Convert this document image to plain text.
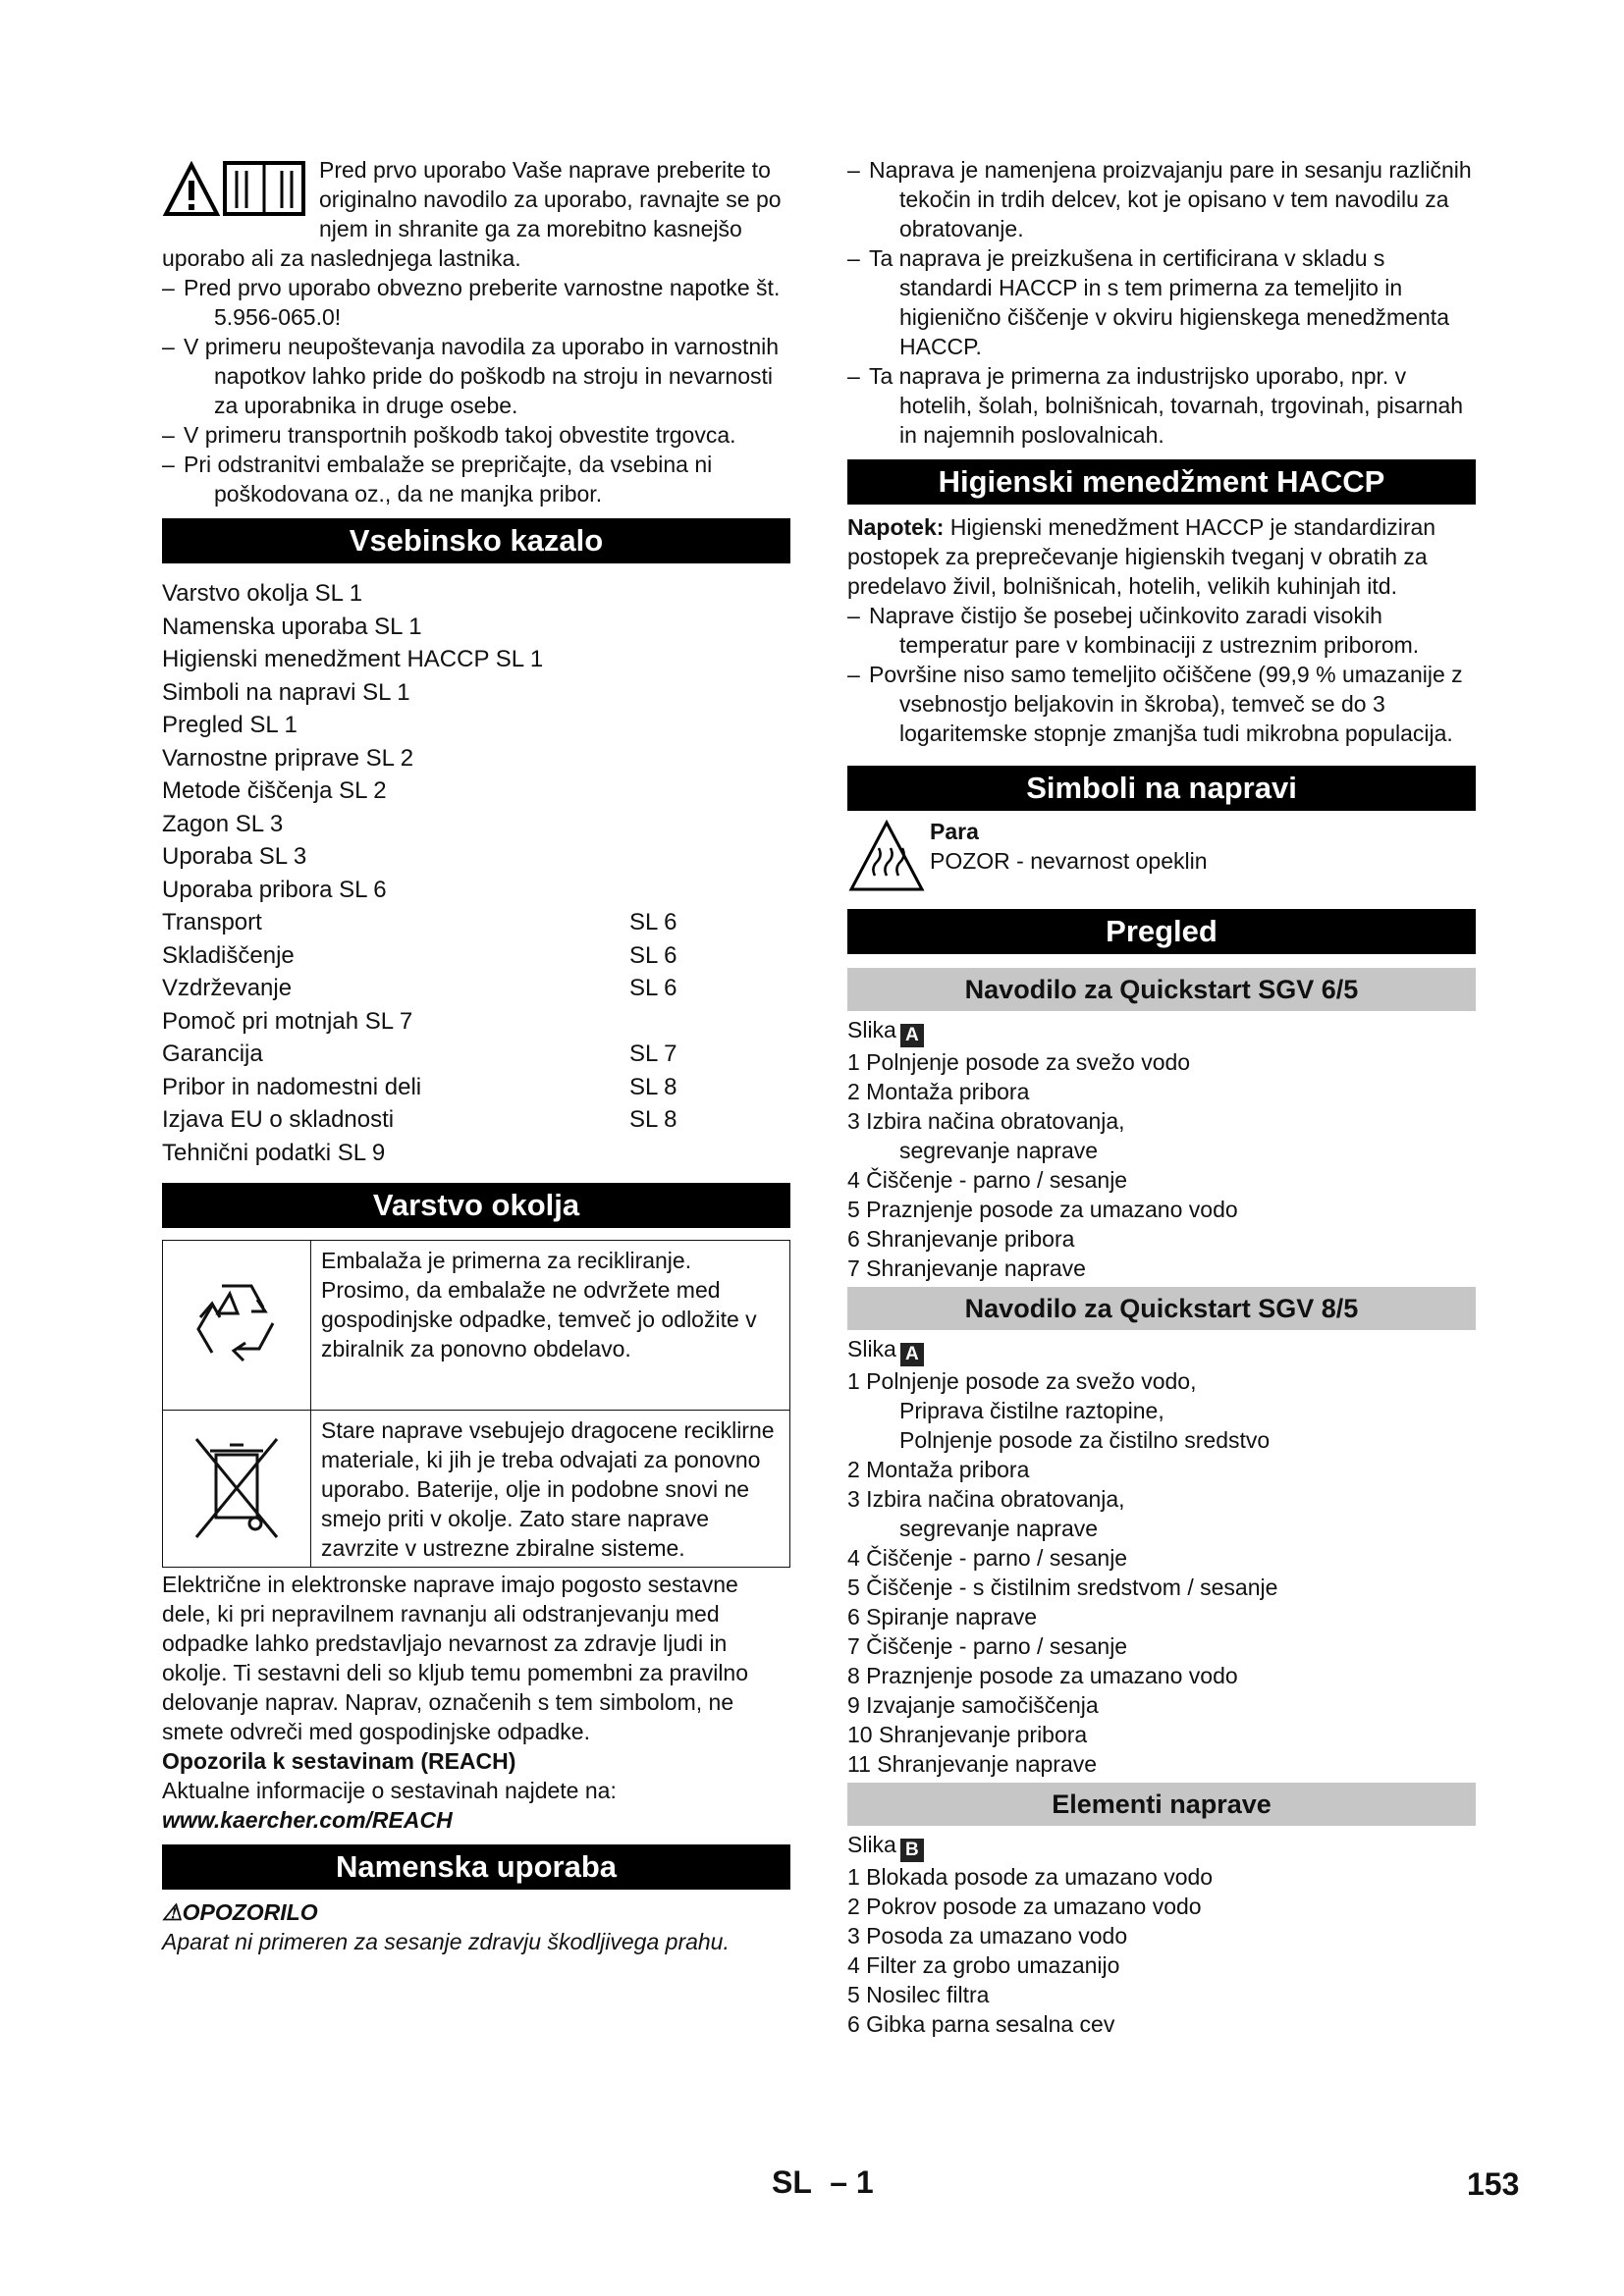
Pred prvo uporabo Vaše naprave preberite to originalno navodilo za uporabo, ravnajte se po njem in shranite ga za morebitno kasnejšo uporabo ali za naslednjega lastnika.

– Pred prvo uporabo obvezno preberite varnostne napotke št. 5.956-065.0!

– V primeru neupoštevanja navodila za uporabo in varnostnih napotkov lahko pride do poškodb na stroju in nevarnosti za uporabnika in druge osebe.

– V primeru transportnih poškodb takoj obvestite trgovca.

– Pri odstranitvi embalaže se prepričajte, da vsebina ni poškodovana oz., da ne manjka pribor.

Vsebinsko kazalo
Varstvo okolja SL 1
Namenska uporaba SL 1
Higienski menedžment HACCP SL 1
Simboli na napravi SL 1
Pregled SL 1
Varnostne priprave SL 2
Metode čiščenja SL 2
Zagon SL 3
Uporaba SL 3
Uporaba pribora SL 6
Transport	SL 6
Skladiščenje	SL 6
Vzdrževanje	SL 6
Pomoč pri motnjah SL 7
Garancija	SL 7
Pribor in nadomestni deli	SL 8
Izjava EU o skladnosti	SL 8
Tehnični podatki SL 9
Varstvo okolja

Embalaža je primerna za recikliranje. Prosimo, da embalaže ne odvržete med gospodinjske odpadke, temveč jo odložite v zbiralnik za ponovno obdelavo.

Stare naprave vsebujejo dragocene reciklirne materiale, ki jih je treba odvajati za ponovno uporabo. Baterije, olje in podobne snovi ne smejo priti v okolje. Zato stare naprave zavrzite v ustrezne zbiralne sisteme.

Električne in elektronske naprave imajo pogosto sestavne dele, ki pri nepravilnem ravnanju ali odstranjevanju med odpadke lahko predstavljajo nevarnost za zdravje ljudi in okolje. Ti sestavni deli so kljub temu pomembni za pravilno delovanje naprav. Naprav, označenih s tem simbolom, ne smete odvreči med gospodinjske odpadke.

Opozorila k sestavinam (REACH)

Aktualne informacije o sestavinah najdete na:

www.kaercher.com/REACH

Namenska uporaba

⚠OPOZORILO

Aparat ni primeren za sesanje zdravju škodljivega prahu.

– Naprava je namenjena proizvajanju pare in sesanju različnih tekočin in trdih delcev, kot je opisano v tem navodilu za obratovanje.

– Ta naprava je preizkušena in certificirana v skladu s standardi HACCP in s tem primerna za temeljito in higienično čiščenje v okviru higienskega menedžmenta HACCP.

– Ta naprava je primerna za industrijsko uporabo, npr. v hotelih, šolah, bolnišnicah, tovarnah, trgovinah, pisarnah in najemnih poslovalnicah.

Higienski menedžment HACCP

Napotek: Higienski menedžment HACCP je standardiziran postopek za preprečevanje higienskih tveganj v obratih za predelavo živil, bolnišnicah, hotelih, velikih kuhinjah itd.

– Naprave čistijo še posebej učinkovito zaradi visokih temperatur pare v kombinaciji z ustreznim priborom.

– Površine niso samo temeljito očiščene (99,9 % umazanije z vsebnostjo beljakovin in škroba), temveč se do 3 logaritemske stopnje zmanjša tudi mikrobna populacija.

Simboli na napravi

Para

POZOR - nevarnost opeklin

Pregled
Navodilo za Quickstart SGV 6/5

Slika A

1 Polnjenje posode za svežo vodo

2 Montaža pribora

3 Izbira načina obratovanja,

segrevanje naprave

4 Čiščenje - parno / sesanje

5 Praznjenje posode za umazano vodo

6 Shranjevanje pribora

7 Shranjevanje naprave

Navodilo za Quickstart SGV 8/5

Slika A

1 Polnjenje posode za svežo vodo,

Priprava čistilne raztopine,

Polnjenje posode za čistilno sredstvo

2 Montaža pribora

3 Izbira načina obratovanja,

segrevanje naprave

4 Čiščenje - parno / sesanje

5 Čiščenje - s čistilnim sredstvom / sesanje

6 Spiranje naprave

7 Čiščenje - parno / sesanje

8 Praznjenje posode za umazano vodo

9 Izvajanje samočiščenja

10 Shranjevanje pribora

11 Shranjevanje naprave

Elementi naprave

Slika B

1 Blokada posode za umazano vodo

2 Pokrov posode za umazano vodo

3 Posoda za umazano vodo

4 Filter za grobo umazanijo

5 Nosilec filtra

6 Gibka parna sesalna cev

SL – 1	153
